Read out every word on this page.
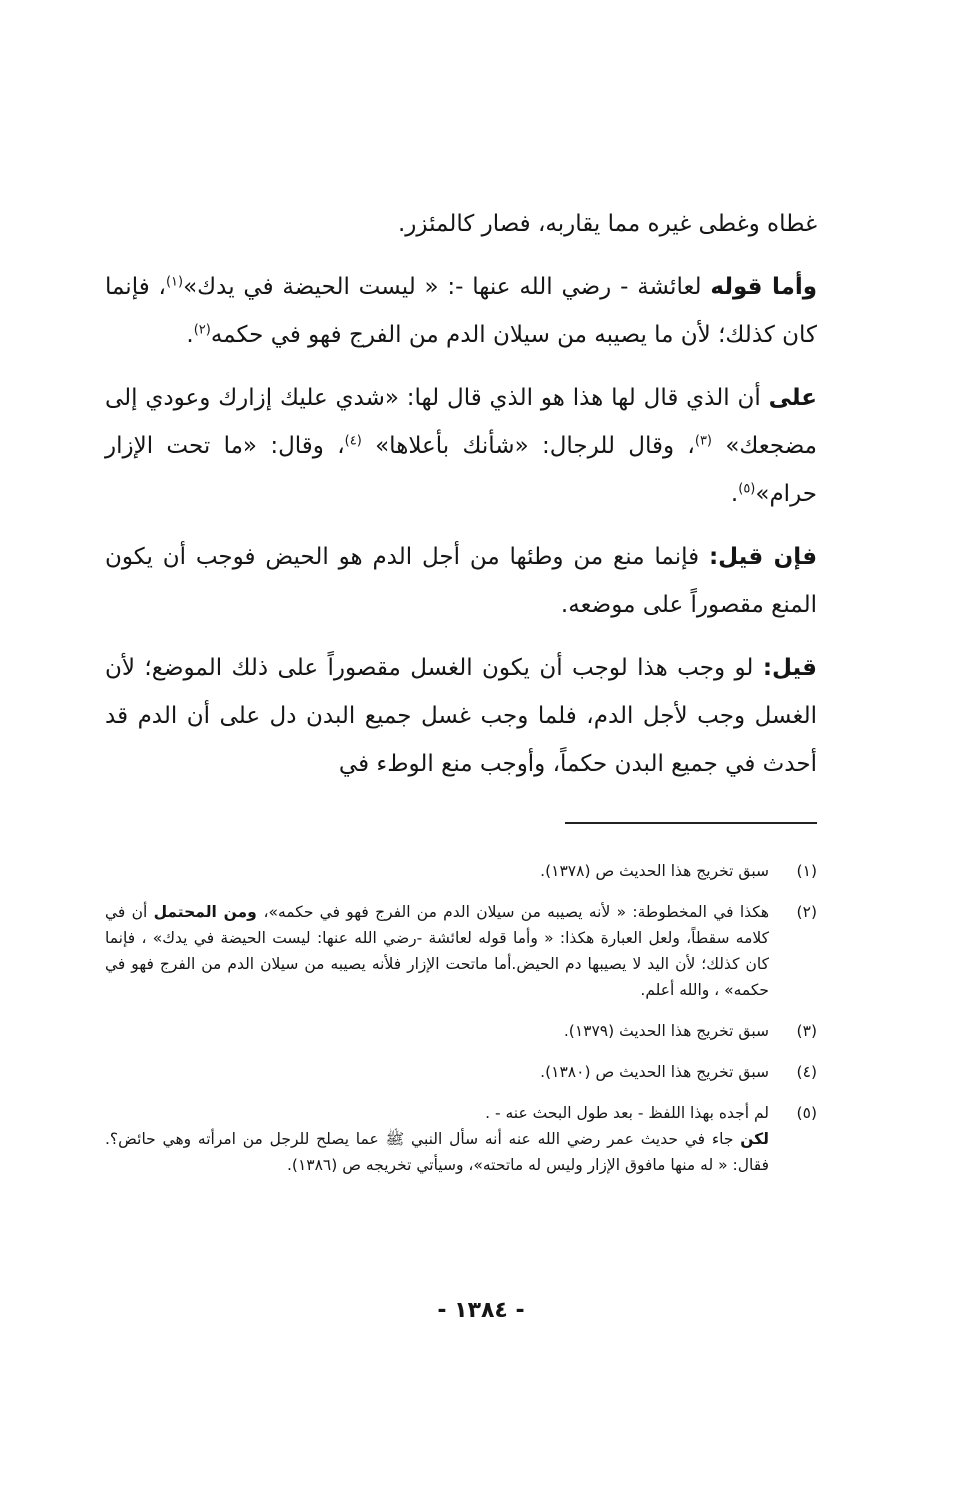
غطاه وغطى غيره مما يقاربه، فصار كالمئزر.

وأما قوله لعائشة - رضي الله عنها -: « ليست الحيضة في يدك»$^{(١)}$، فإنما كان كذلك؛ لأن ما يصيبه من سيلان الدم من الفرج فهو في حكمه$^{(٢)}$.

على أن الذي قال لها هذا هو الذي قال لها: «شدي عليك إزارك وعودي إلى مضجعك» $^{(٣)}$، وقال للرجال: «شأنك بأعلاها» $^{(٤)}$، وقال: «ما تحت الإزار حرام»$^{(٥)}$.

فإن قيل: فإنما منع من وطئها من أجل الدم هو الحيض فوجب أن يكون المنع مقصوراً على موضعه.

قيل: لو وجب هذا لوجب أن يكون الغسل مقصوراً على ذلك الموضع؛ لأن الغسل وجب لأجل الدم، فلما وجب غسل جميع البدن دل على أن الدم قد أحدث في جميع البدن حكماً، وأوجب منع الوطء في

(١)
سبق تخريج هذا الحديث ص (١٣٧٨).
(٢)
هكذا في المخطوطة: « لأنه يصيبه من سيلان الدم من الفرج فهو في حكمه»، ومن المحتمل أن في كلامه سقطاً، ولعل العبارة هكذا: « وأما قوله لعائشة -رضي الله عنها: ليست الحيضة في يدك» ، فإنما كان كذلك؛ لأن اليد لا يصيبها دم الحيض.أما ماتحت الإزار فلأنه يصيبه من سيلان الدم من الفرج فهو في حكمه» ، والله أعلم.
(٣)
سبق تخريج هذا الحديث (١٣٧٩).
(٤)
سبق تخريج هذا الحديث ص (١٣٨٠).
(٥)
لم أجده بهذا اللفظ - بعد طول البحث عنه - .
لكن جاء في حديث عمر رضي الله عنه أنه سأل النبي ﷺ عما يصلح للرجل من امرأته وهي حائض؟. فقال: « له منها مافوق الإزار وليس له ماتحته»، وسيأتي تخريجه ص (١٣٨٦).
- ١٣٨٤ -
